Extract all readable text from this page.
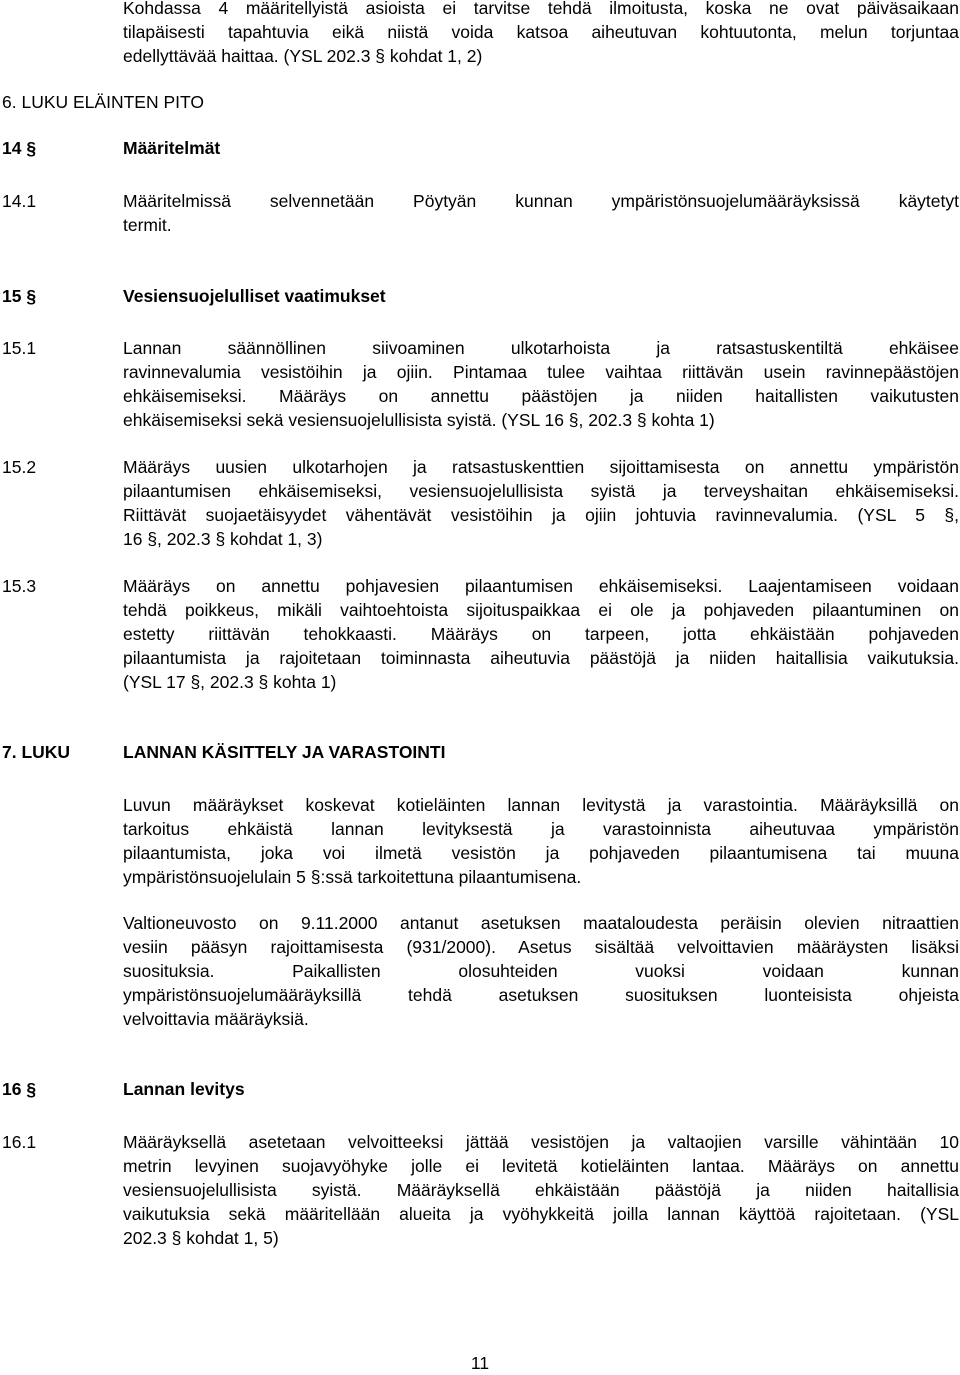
Kohdassa 4 määritellyistä asioista ei tarvitse tehdä ilmoitusta, koska ne ovat päiväsaikaan
tilapäisesti tapahtuvia eikä niistä voida katsoa aiheutuvan kohtuutonta, melun torjuntaa
edellyttävää haittaa. (YSL 202.3 § kohdat 1, 2)
6. LUKU ELÄINTEN PITO
14 §	Määritelmät
14.1	Määritelmissä selvennetään Pöytyän kunnan ympäristönsuojelumääräyksissä käytetyt
termit.
15 §	Vesiensuojelulliset vaatimukset
15.1	Lannan säännöllinen siivoaminen ulkotarhoista ja ratsastuskentiltä ehkäisee
ravinnevalumia vesistöihin ja ojiin. Pintamaa tulee vaihtaa riittävän usein ravinnepäästöjen
ehkäisemiseksi. Määräys on annettu päästöjen ja niiden haitallisten vaikutusten
ehkäisemiseksi sekä vesiensuojelullisista syistä. (YSL 16 §, 202.3 § kohta 1)
15.2	Määräys uusien ulkotarhojen ja ratsastuskenttien sijoittamisesta on annettu ympäristön
pilaantumisen ehkäisemiseksi, vesiensuojelullisista syistä ja terveyshaitan ehkäisemiseksi.
Riittävät suojaetäisyydet vähentävät vesistöihin ja ojiin johtuvia ravinnevalumia. (YSL 5 §,
16 §, 202.3 § kohdat 1, 3)
15.3	Määräys on annettu pohjavesien pilaantumisen ehkäisemiseksi. Laajentamiseen voidaan
tehdä poikkeus, mikäli vaihtoehtoista sijoituspaikkaa ei ole ja pohjaveden pilaantuminen on
estetty riittävän tehokkaasti. Määräys on tarpeen, jotta ehkäistään pohjaveden
pilaantumista ja rajoitetaan toiminnasta aiheutuvia päästöjä ja niiden haitallisia vaikutuksia.
(YSL 17 §, 202.3 § kohta 1)
7. LUKU	LANNAN KÄSITTELY JA VARASTOINTI
Luvun määräykset koskevat kotieläinten lannan levitystä ja varastointia. Määräyksillä on
tarkoitus ehkäistä lannan levityksestä ja varastoinnista aiheutuvaa ympäristön
pilaantumista, joka voi ilmetä vesistön ja pohjaveden pilaantumisena tai muuna
ympäristönsuojelulain 5 §:ssä tarkoitettuna pilaantumisena.
Valtioneuvosto on 9.11.2000 antanut asetuksen maataloudesta peräisin olevien nitraattien
vesiin pääsyn rajoittamisesta (931/2000). Asetus sisältää velvoittavien määräysten lisäksi
suosituksia. Paikallisten olosuhteiden vuoksi voidaan kunnan
ympäristönsuojelumääräyksillä tehdä asetuksen suosituksen luonteisista ohjeista
velvoittavia määräyksiä.
16 §	Lannan levitys
16.1	Määräyksellä asetetaan velvoitteeksi jättää vesistöjen ja valtaojien varsille vähintään 10
metrin levyinen suojavyöhyke jolle ei levitetä kotieläinten lantaa. Määräys on annettu
vesiensuojelullisista syistä. Määräyksellä ehkäistään päästöjä ja niiden haitallisia
vaikutuksia sekä määritellään alueita ja vyöhykkeitä joilla lannan käyttöä rajoitetaan. (YSL
202.3 § kohdat 1, 5)
11
